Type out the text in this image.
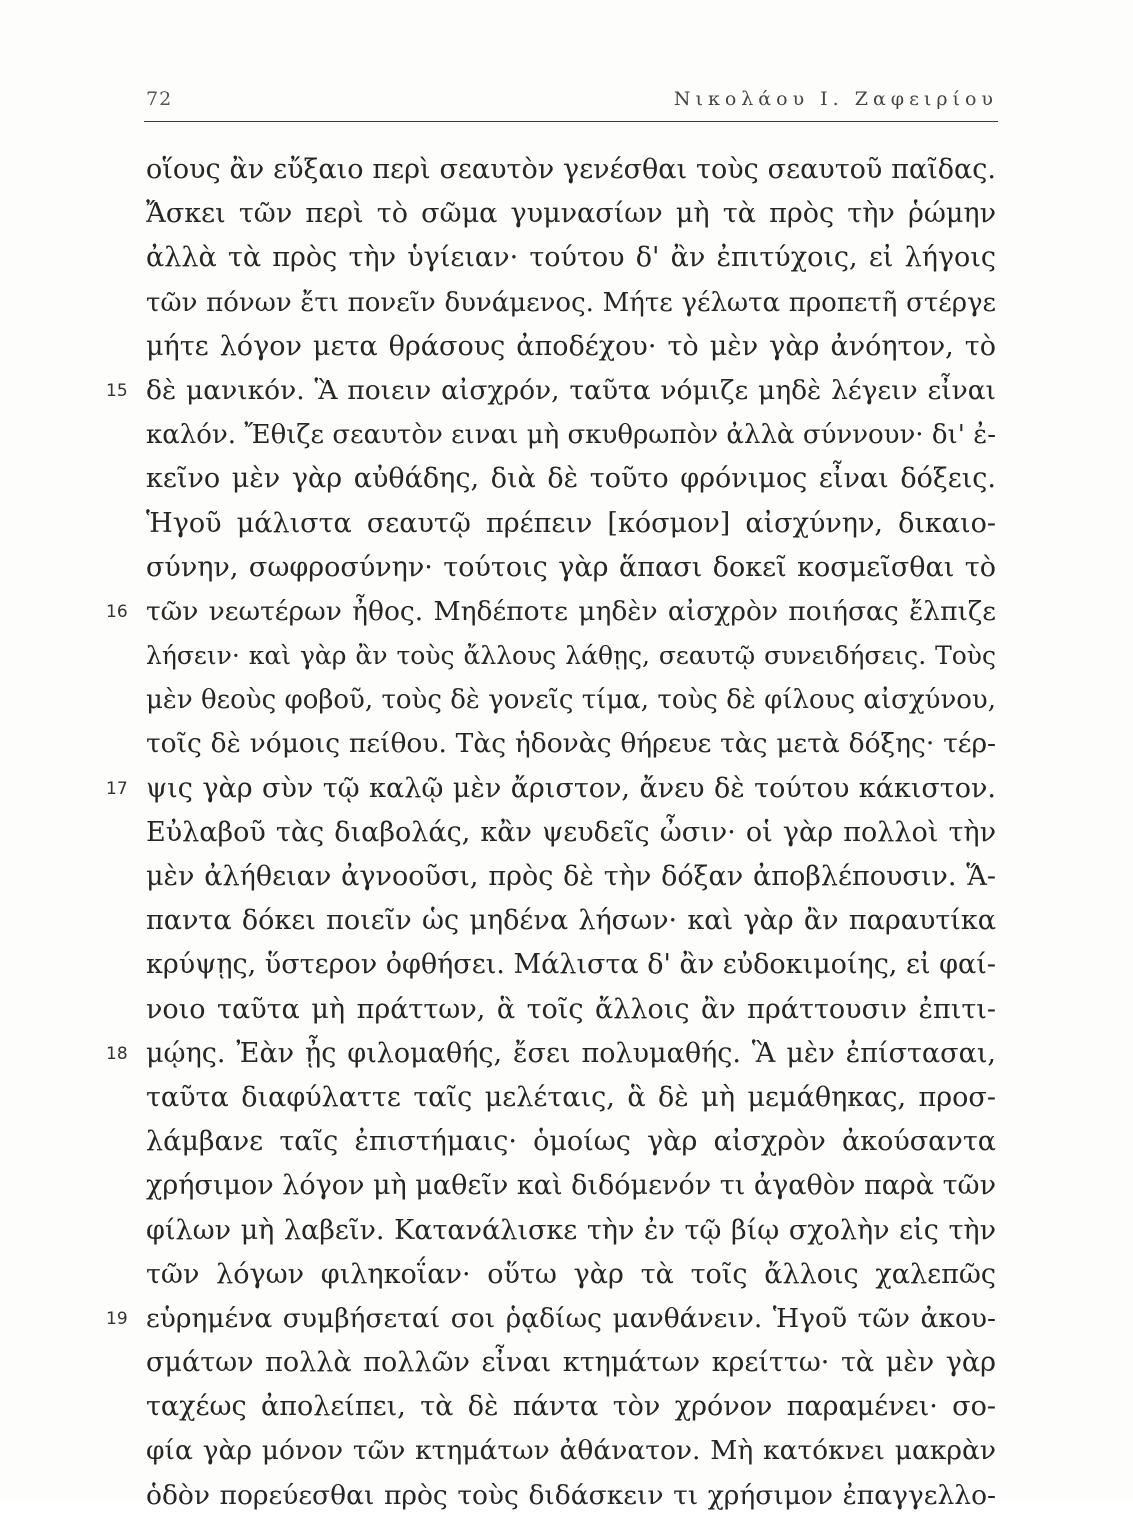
72	Νικολάου Ι. Ζαφειρίου
οἵους ἂν εὔξαιο περὶ σεαυτὸν γενέσθαι τοὺς σεαυτοῦ παῖδας.
Ἄσκει τῶν περὶ τὸ σῶμα γυμνασίων μὴ τὰ πρὸς τὴν ῥώμην
ἀλλὰ τὰ πρὸς τὴν ὑγίειαν· τούτου δ' ἂν ἐπιτύχοις, εἰ λήγοις
τῶν πόνων ἔτι πονεῖν δυνάμενος. Μήτε γέλωτα προπετῆ στέργε
μήτε λόγον μετα θράσους ἀποδέχου· τὸ μὲν γὰρ ἀνόητον, τὸ
15 δὲ μανικόν. Ἃ ποιειν αἰσχρόν, ταῦτα νόμιζε μηδὲ λέγειν εἶναι
καλόν. Ἔθιζε σεαυτὸν ειναι μὴ σκυθρωπὸν ἀλλὰ σύννουν· δι' ἐ-
κεῖνο μὲν γὰρ αὐθάδης, διὰ δὲ τοῦτο φρόνιμος εἶναι δόξεις.
Ἡγοῦ μάλιστα σεαυτῷ πρέπειν [κόσμον] αἰσχύνην, δικαιο-
σύνην, σωφροσύνην· τούτοις γὰρ ἅπασι δοκεῖ κοσμεῖσθαι τὸ
16 τῶν νεωτέρων ἦθος. Μηδέποτε μηδὲν αἰσχρὸν ποιήσας ἔλπιζε
λήσειν· καὶ γὰρ ἂν τοὺς ἄλλους λάθῃς, σεαυτῷ συνειδήσεις. Τοὺς
μὲν θεοὺς φοβοῦ, τοὺς δὲ γονεῖς τίμα, τοὺς δὲ φίλους αἰσχύνου,
τοῖς δὲ νόμοις πείθου. Τὰς ἡδονὰς θήρευε τὰς μετὰ δόξης· τέρ-
17 ψις γὰρ σὺν τῷ καλῷ μὲν ἄριστον, ἄνευ δὲ τούτου κάκιστον.
Εὐλαβοῦ τὰς διαβολάς, κἂν ψευδεῖς ὦσιν· οἱ γὰρ πολλοὶ τὴν
μὲν ἀλήθειαν ἀγνοοῦσι, πρὸς δὲ τὴν δόξαν ἀποβλέπουσιν. Ἅ-
παντα δόκει ποιεῖν ὡς μηδένα λήσων· καὶ γὰρ ἂν παραυτίκα
κρύψῃς, ὕστερον ὀφθήσει. Μάλιστα δ' ἂν εὐδοκιμοίης, εἰ φαί-
νοιο ταῦτα μὴ πράττων, ἃ τοῖς ἄλλοις ἂν πράττουσιν ἐπιτι-
18 μῴης. Ἐὰν ᾖς φιλομαθής, ἔσει πολυμαθής. Ἃ μὲν ἐπίστασαι,
ταῦτα διαφύλαττε ταῖς μελέταις, ἃ δὲ μὴ μεμάθηκας, προσ-
λάμβανε ταῖς ἐπιστήμαις· ὁμοίως γὰρ αἰσχρὸν ἀκούσαντα
χρήσιμον λόγον μὴ μαθεῖν καὶ διδόμενόν τι ἀγαθὸν παρὰ τῶν
φίλων μὴ λαβεῖν. Κατανάλισκε τὴν ἐν τῷ βίῳ σχολὴν εἰς τὴν
τῶν λόγων φιληκοΐαν· οὕτω γὰρ τὰ τοῖς ἄλλοις χαλεπῶς
19 εὑρημένα συμβήσεταί σοι ῥᾳδίως μανθάνειν. Ἡγοῦ τῶν ἀκου-
σμάτων πολλὰ πολλῶν εἶναι κτημάτων κρείττω· τὰ μὲν γὰρ
ταχέως ἀπολείπει, τὰ δὲ πάντα τὸν χρόνον παραμένει· σο-
φία γὰρ μόνον τῶν κτημάτων ἀθάνατον. Μὴ κατόκνει μακρὰν
ὁδὸν πορεύεσθαι πρὸς τοὺς διδάσκειν τι χρήσιμον ἐπαγγελλο-
